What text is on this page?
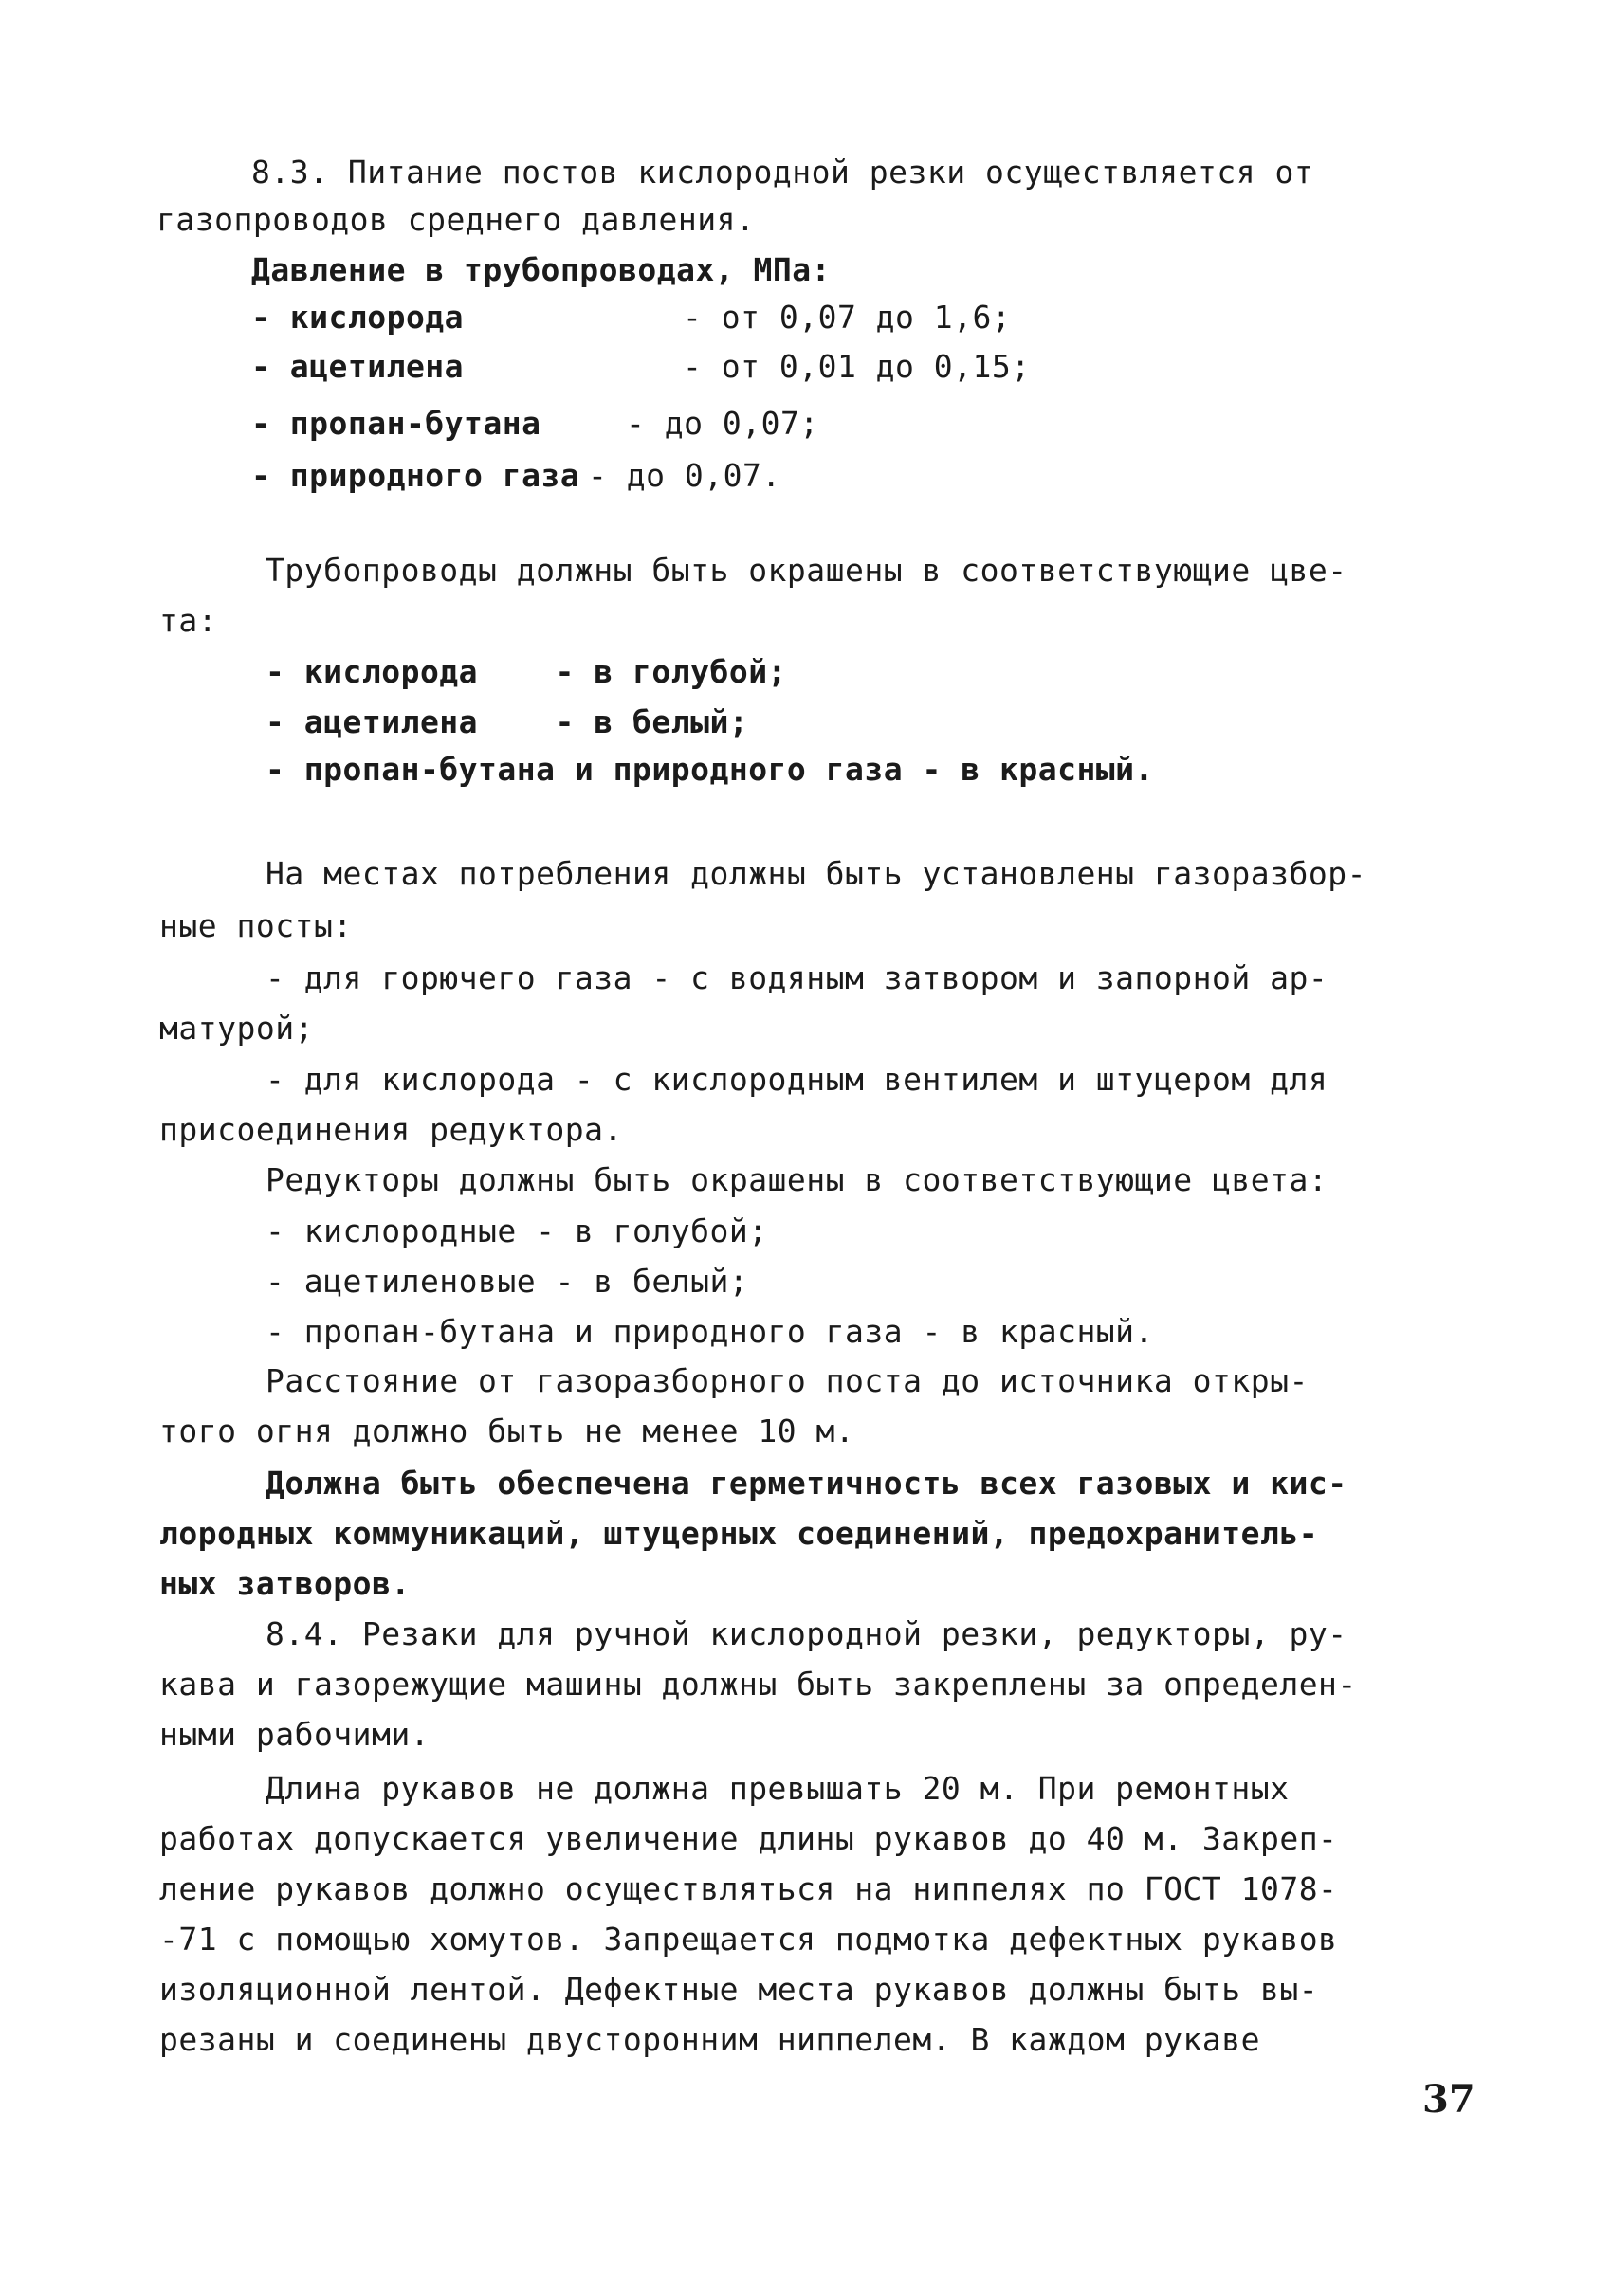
8.3. Питание постов кислородной резки осуществляется от
газопроводов среднего давления.
Давление в трубопроводах, МПа:
- кислорода	- от 0,07 до 1,6;
- ацетилена	- от 0,01 до 0,15;
- пропан-бутана	- до 0,07;
- природного газа - до 0,07.
Трубопроводы должны быть окрашены в соответствующие цве-
та:
- кислорода    - в голубой;
- ацетилена    - в белый;
- пропан-бутана и природного газа - в красный.
На местах потребления должны быть установлены газоразбор-
ные посты:
- для горючего газа - с водяным затвором и запорной ар-
матурой;
- для кислорода - с кислородным вентилем и штуцером для
присоединения редуктора.
Редукторы должны быть окрашены в соответствующие цвета:
- кислородные - в голубой;
- ацетиленовые - в белый;
- пропан-бутана и природного газа - в красный.
Расстояние от газоразборного поста до источника откры-
того огня должно быть не менее 10 м.
Должна быть обеспечена герметичность всех газовых и кис-
лородных коммуникаций, штуцерных соединений, предохранитель-
ных затворов.
8.4. Резаки для ручной кислородной резки, редукторы, ру-
кава и газорежущие машины должны быть закреплены за определен-
ными рабочими.
Длина рукавов не должна превышать 20 м. При ремонтных
работах допускается увеличение длины рукавов до 40 м. Закреп-
ление рукавов должно осуществляться на ниппелях по ГОСТ 1078-
-71 с помощью хомутов. Запрещается подмотка дефектных рукавов
изоляционной лентой. Дефектные места рукавов должны быть вы-
резаны и соединены двусторонним ниппелем. В каждом рукаве
37
